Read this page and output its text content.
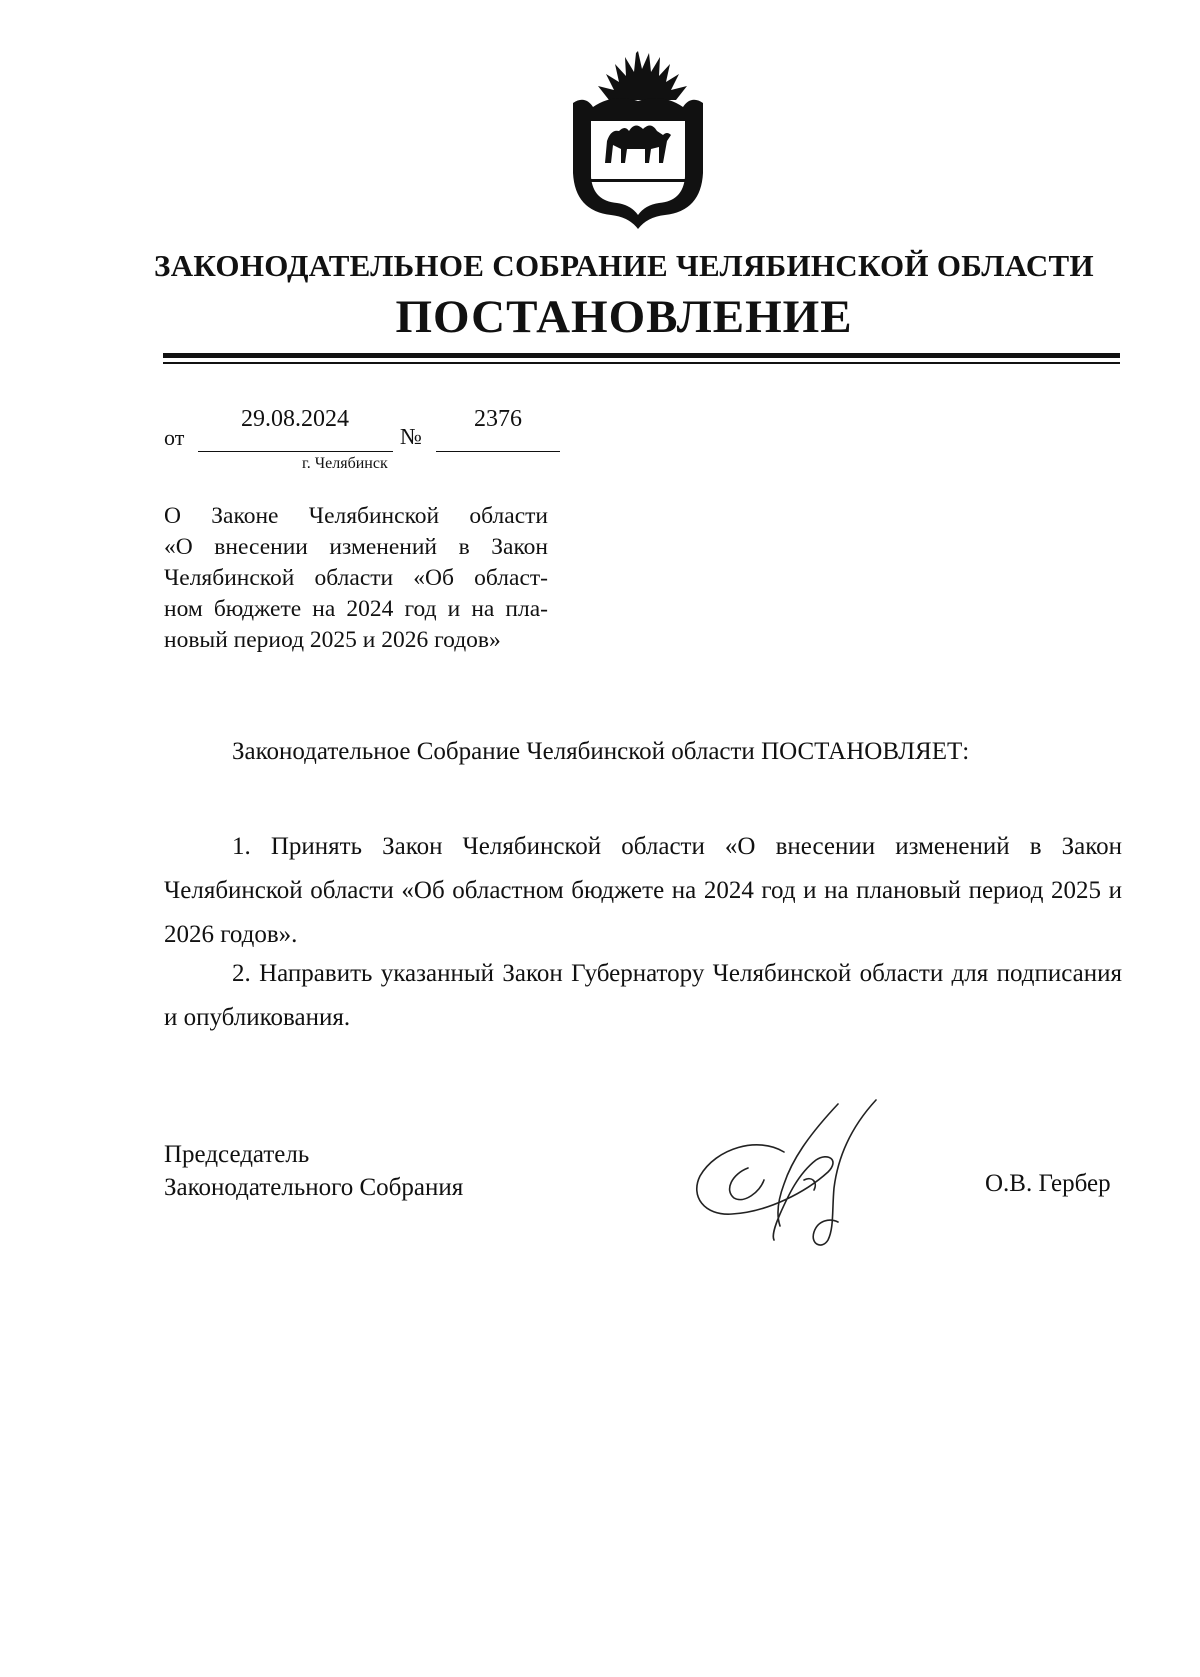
ЗАКОНОДАТЕЛЬНОЕ СОБРАНИЕ ЧЕЛЯБИНСКОЙ ОБЛАСТИ
ПОСТАНОВЛЕНИЕ
от
29.08.2024
№
2376
г. Челябинск
О Законе Челябинской области
«О внесении изменений в Закон
Челябинской области «Об област-
ном бюджете на 2024 год и на пла-
новый период 2025 и 2026 годов»
Законодательное Собрание Челябинской области ПОСТАНОВЛЯЕТ:
1. Принять Закон Челябинской области «О внесении изменений в Закон Челябинской области «Об областном бюджете на 2024 год и на плановый период 2025 и 2026 годов».
2. Направить указанный Закон Губернатору Челябинской области для подписания и опубликования.
Председатель
Законодательного Собрания	О.В. Гербер
